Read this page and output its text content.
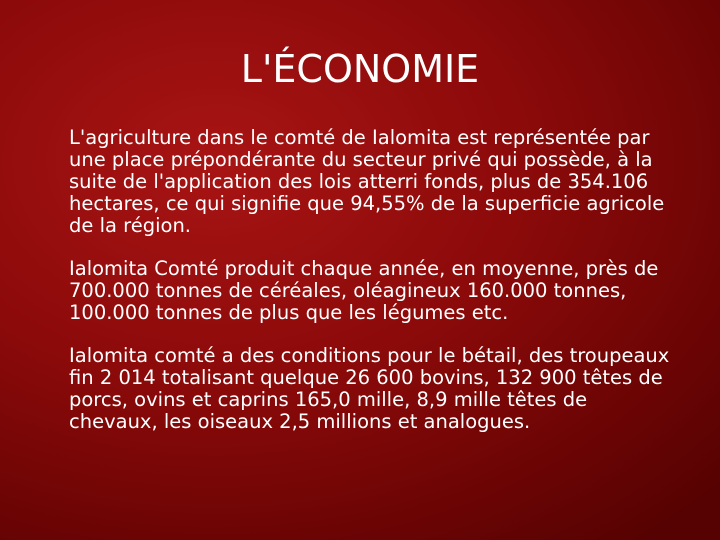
L'ÉCONOMIE

L'agriculture dans le comté de Ialomita est représentée par une place prépondérante du secteur privé qui possède, à la suite de l'application des lois atterri fonds, plus de 354.106 hectares, ce qui signifie que 94,55% de la superficie agricole de la région.

Ialomita Comté produit chaque année, en moyenne, près de 700.000 tonnes de céréales, oléagineux 160.000 tonnes, 100.000 tonnes de plus que les légumes etc.

Ialomita comté a des conditions pour le bétail, des troupeaux fin 2 014 totalisant quelque 26 600 bovins, 132 900 têtes de porcs, ovins et caprins 165,0 mille, 8,9 mille têtes de chevaux, les oiseaux 2,5 millions et analogues.
